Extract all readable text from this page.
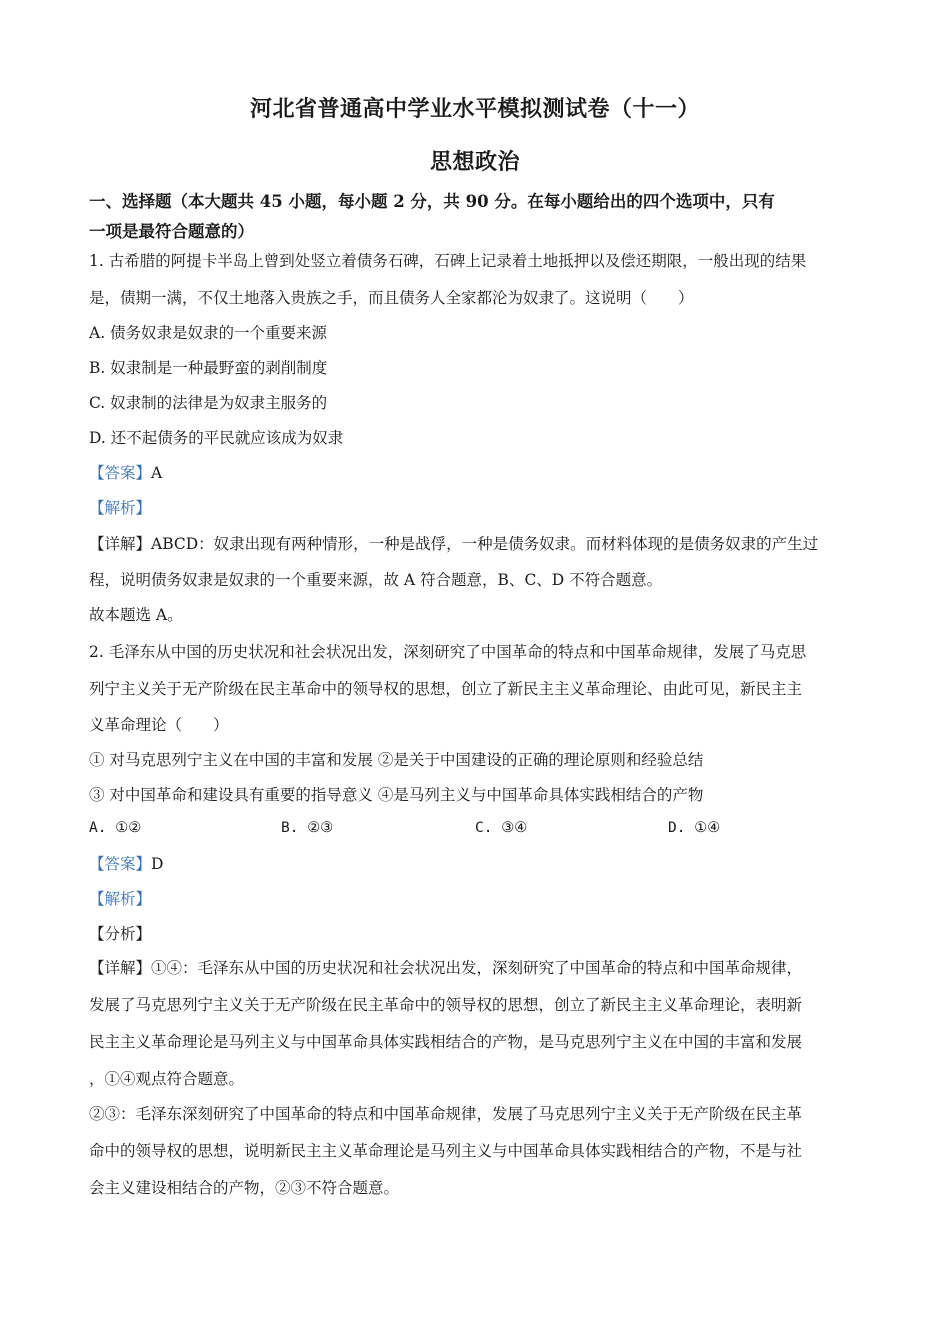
河北省普通高中学业水平模拟测试卷（十一）
思想政治
一、选择题（本大题共 45 小题，每小题 2 分，共 90 分。在每小题给出的四个选项中，只有
一项是最符合题意的）
1. 古希腊的阿提卡半岛上曾到处竖立着债务石碑，石碑上记录着土地抵押以及偿还期限，一般出现的结果
是，债期一满，不仅土地落入贵族之手，而且债务人全家都沦为奴隶了。这说明（　　）
A. 债务奴隶是奴隶的一个重要来源
B. 奴隶制是一种最野蛮的剥削制度
C. 奴隶制的法律是为奴隶主服务的
D. 还不起债务的平民就应该成为奴隶
【答案】A
【解析】
【详解】ABCD：奴隶出现有两种情形，一种是战俘，一种是债务奴隶。而材料体现的是债务奴隶的产生过
程，说明债务奴隶是奴隶的一个重要来源，故 A 符合题意，B、C、D 不符合题意。
故本题选 A。
2. 毛泽东从中国的历史状况和社会状况出发，深刻研究了中国革命的特点和中国革命规律，发展了马克思
列宁主义关于无产阶级在民主革命中的领导权的思想，创立了新民主主义革命理论、由此可见，新民主主
义革命理论（　　）
① 对马克思列宁主义在中国的丰富和发展 ②是关于中国建设的正确的理论原则和经验总结
③ 对中国革命和建设具有重要的指导意义 ④是马列主义与中国革命具体实践相结合的产物
A. ①②	B. ②③	C. ③④	D. ①④
【答案】D
【解析】
【分析】
【详解】①④：毛泽东从中国的历史状况和社会状况出发，深刻研究了中国革命的特点和中国革命规律，
发展了马克思列宁主义关于无产阶级在民主革命中的领导权的思想，创立了新民主主义革命理论，表明新
民主主义革命理论是马列主义与中国革命具体实践相结合的产物，是马克思列宁主义在中国的丰富和发展
，①④观点符合题意。
②③：毛泽东深刻研究了中国革命的特点和中国革命规律，发展了马克思列宁主义关于无产阶级在民主革
命中的领导权的思想，说明新民主主义革命理论是马列主义与中国革命具体实践相结合的产物，不是与社
会主义建设相结合的产物，②③不符合题意。
